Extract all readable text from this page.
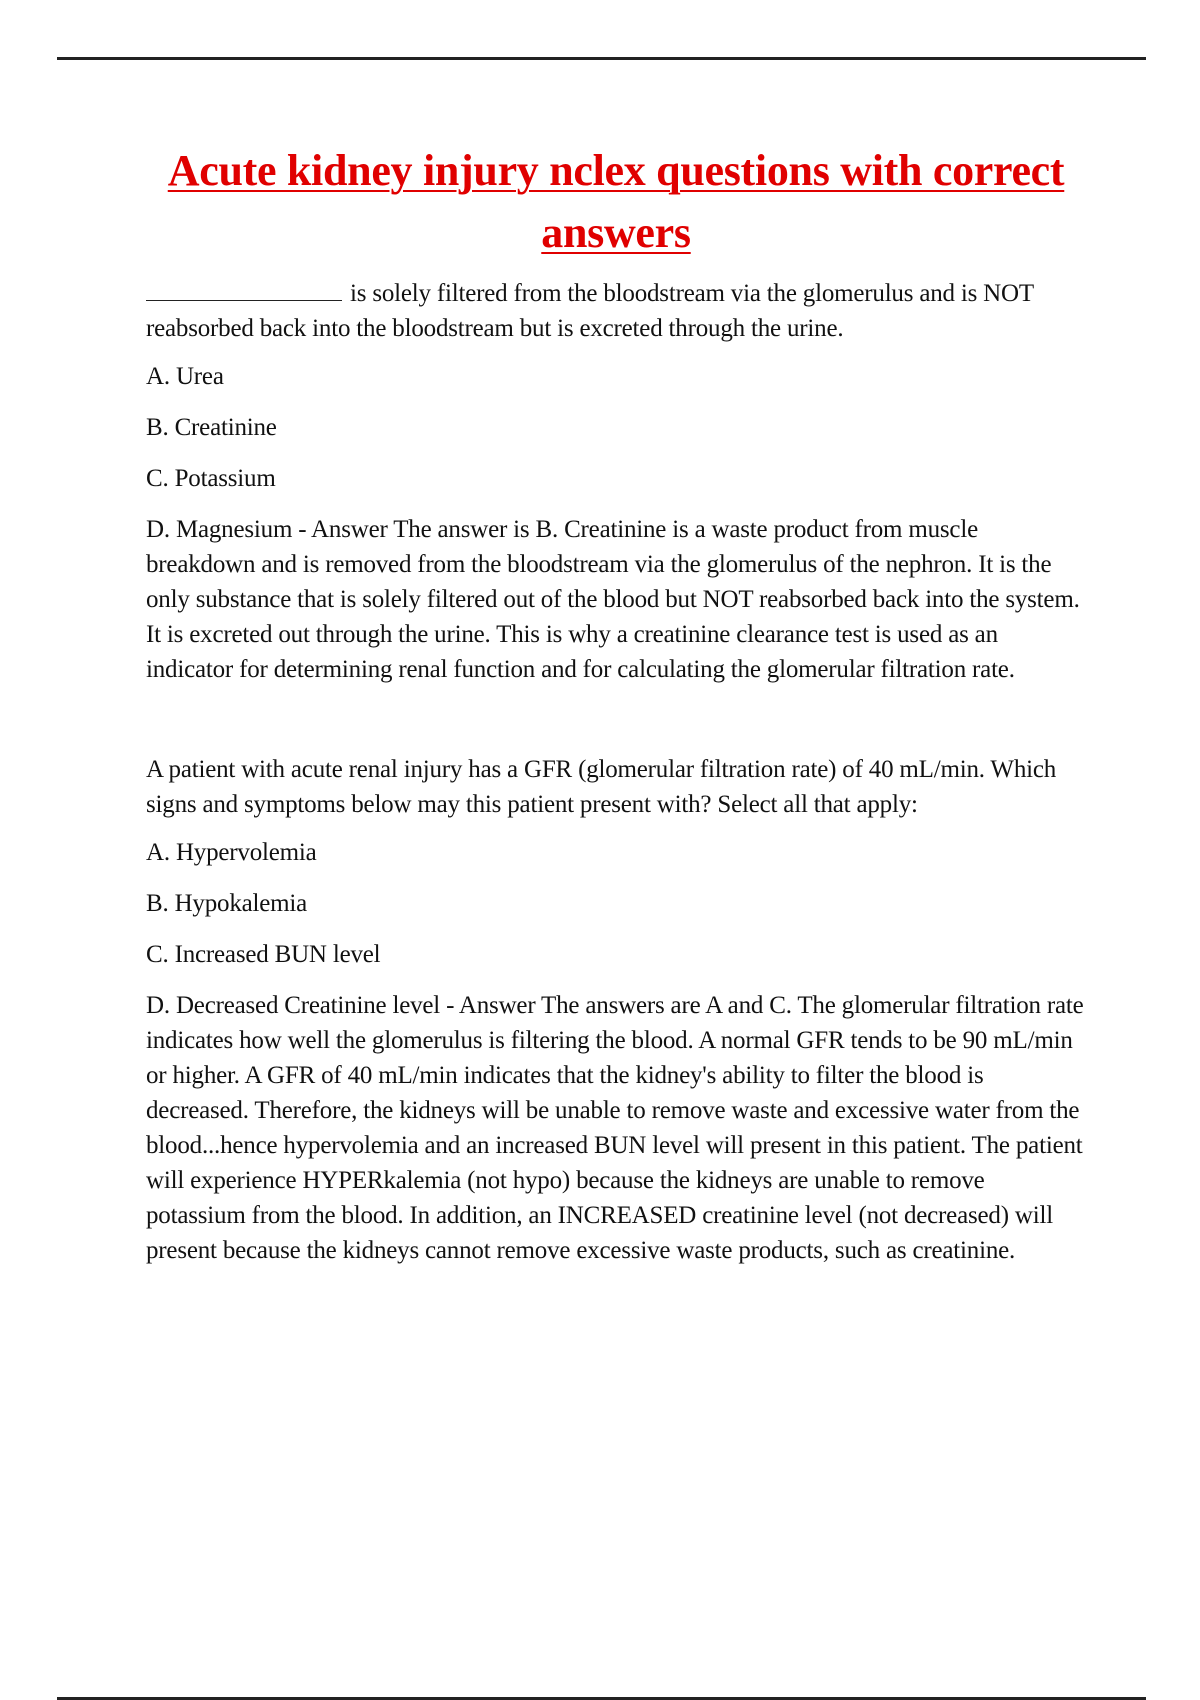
Acute kidney injury nclex questions with correct answers

is solely filtered from the bloodstream via the glomerulus and is NOT reabsorbed back into the bloodstream but is excreted through the urine.

A. Urea

B. Creatinine

C. Potassium

D. Magnesium - Answer The answer is B. Creatinine is a waste product from muscle breakdown and is removed from the bloodstream via the glomerulus of the nephron. It is the only substance that is solely filtered out of the blood but NOT reabsorbed back into the system. It is excreted out through the urine. This is why a creatinine clearance test is used as an indicator for determining renal function and for calculating the glomerular filtration rate.

A patient with acute renal injury has a GFR (glomerular filtration rate) of 40 mL/min. Which signs and symptoms below may this patient present with? Select all that apply:

A. Hypervolemia

B. Hypokalemia

C. Increased BUN level

D. Decreased Creatinine level - Answer The answers are A and C. The glomerular filtration rate indicates how well the glomerulus is filtering the blood. A normal GFR tends to be 90 mL/min or higher. A GFR of 40 mL/min indicates that the kidney's ability to filter the blood is decreased. Therefore, the kidneys will be unable to remove waste and excessive water from the blood...hence hypervolemia and an increased BUN level will present in this patient. The patient will experience HYPERkalemia (not hypo) because the kidneys are unable to remove potassium from the blood. In addition, an INCREASED creatinine level (not decreased) will present because the kidneys cannot remove excessive waste products, such as creatinine.
